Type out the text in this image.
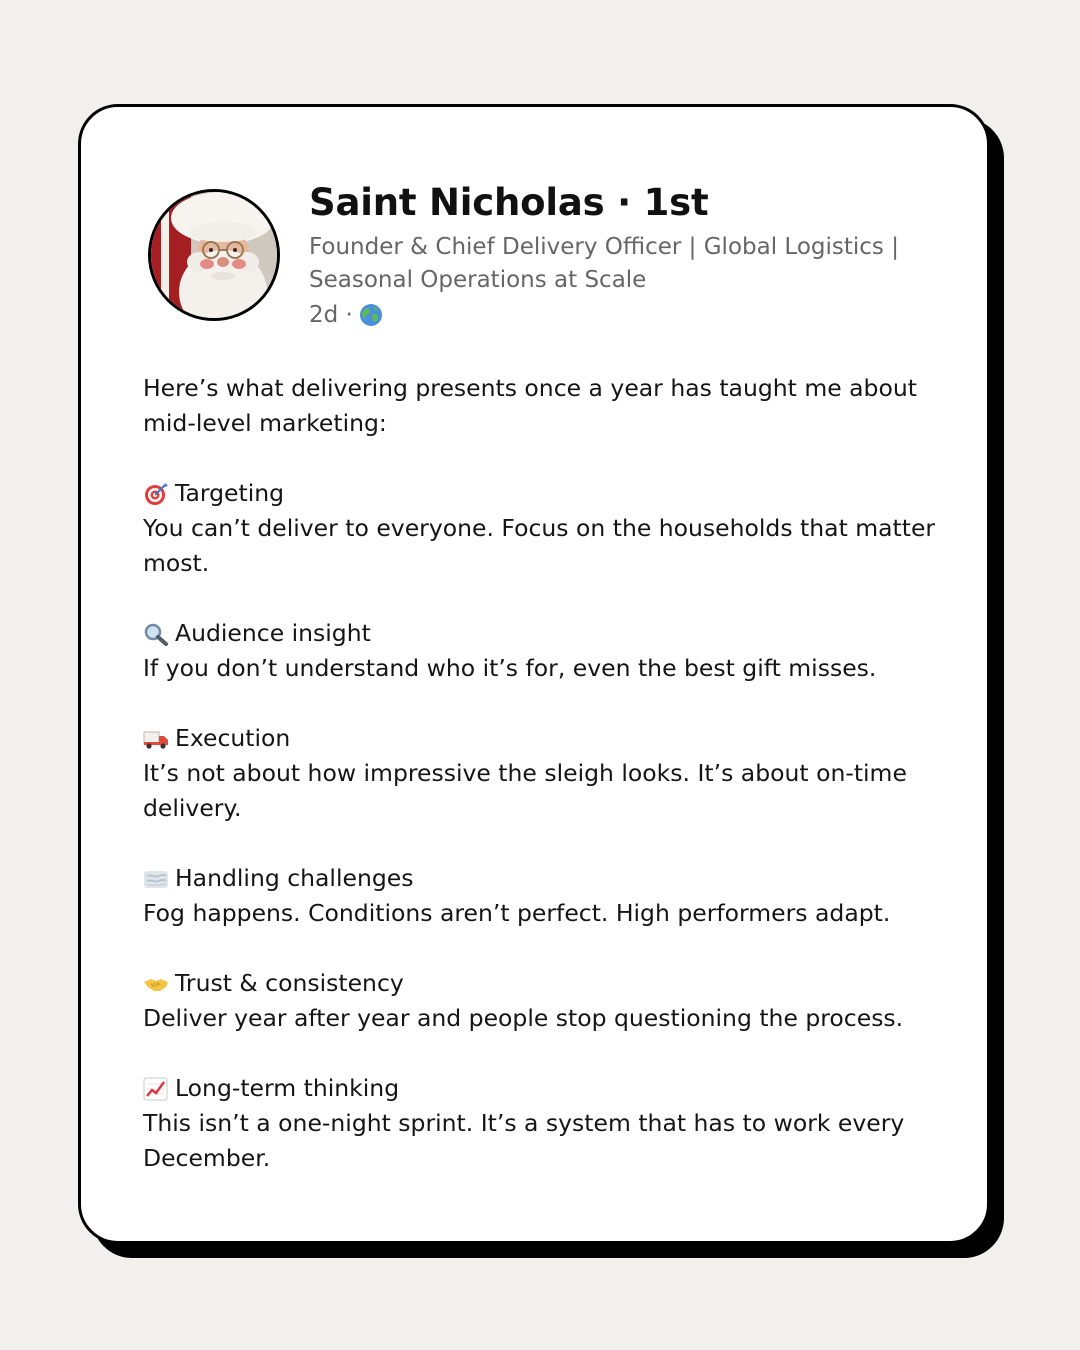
Saint Nicholas · 1st
Founder & Chief Delivery Officer | Global Logistics | Seasonal Operations at Scale
2d ·

Here’s what delivering presents once a year has taught me about mid-level marketing:

Targeting

You can’t deliver to everyone. Focus on the households that matter most.

Audience insight

If you don’t understand who it’s for, even the best gift misses.

Execution

It’s not about how impressive the sleigh looks. It’s about on-time delivery.

Handling challenges

Fog happens. Conditions aren’t perfect. High performers adapt.

Trust & consistency

Deliver year after year and people stop questioning the process.

Long-term thinking

This isn’t a one-night sprint. It’s a system that has to work every December.
